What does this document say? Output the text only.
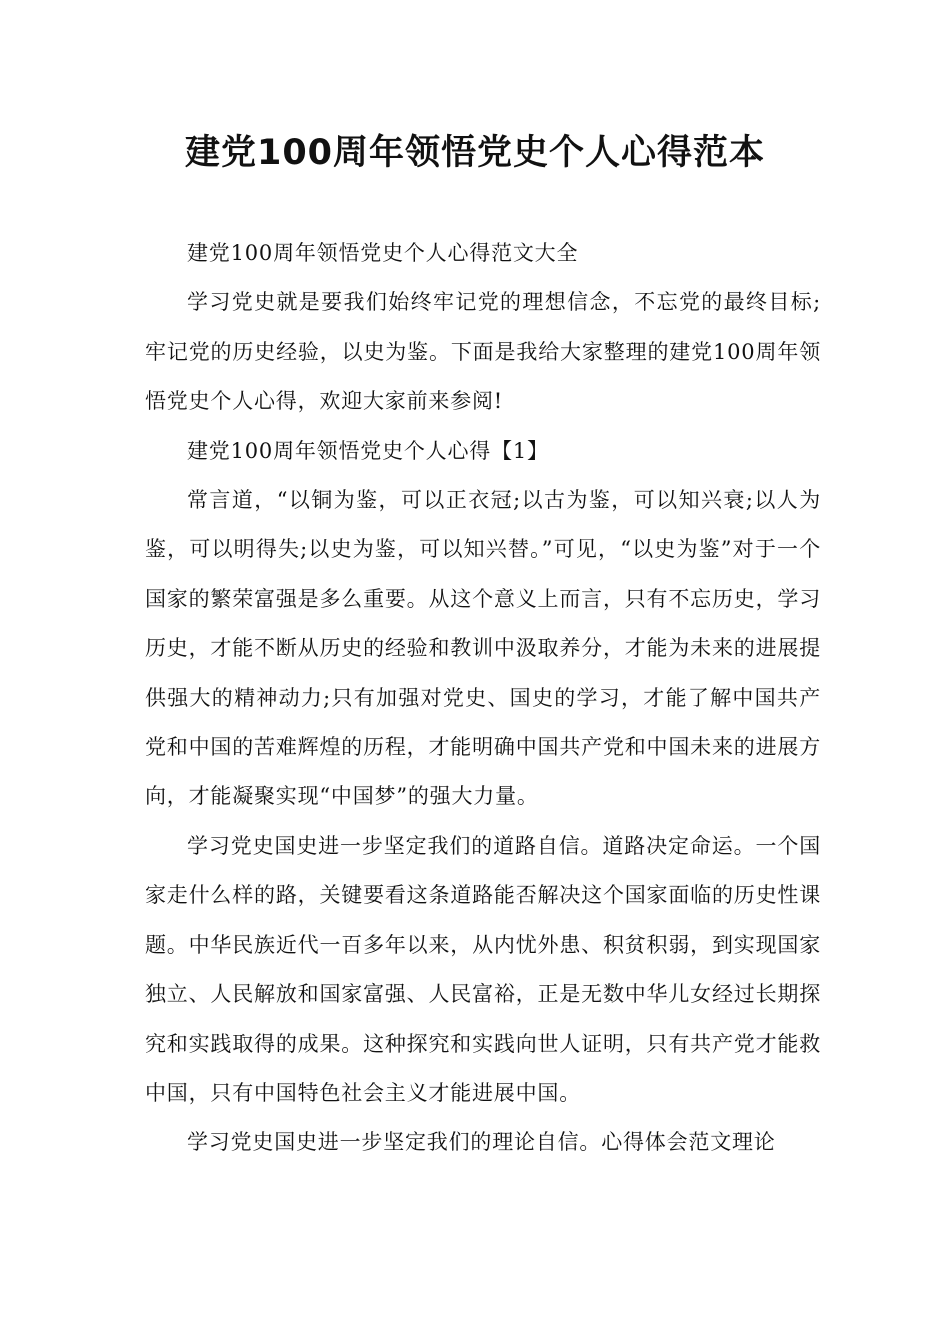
建党100周年领悟党史个人心得范本

建党100周年领悟党史个人心得范文大全

学习党史就是要我们始终牢记党的理想信念，不忘党的最终目标;牢记党的历史经验，以史为鉴。下面是我给大家整理的建党100周年领悟党史个人心得，欢迎大家前来参阅!

建党100周年领悟党史个人心得【1】

常言道，“以铜为鉴，可以正衣冠;以古为鉴，可以知兴衰;以人为鉴，可以明得失;以史为鉴，可以知兴替。”可见，“以史为鉴”对于一个国家的繁荣富强是多么重要。从这个意义上而言，只有不忘历史，学习历史，才能不断从历史的经验和教训中汲取养分，才能为未来的进展提供强大的精神动力;只有加强对党史、国史的学习，才能了解中国共产党和中国的苦难辉煌的历程，才能明确中国共产党和中国未来的进展方向，才能凝聚实现“中国梦”的强大力量。

学习党史国史进一步坚定我们的道路自信。道路决定命运。一个国家走什么样的路，关键要看这条道路能否解决这个国家面临的历史性课题。中华民族近代一百多年以来，从内忧外患、积贫积弱，到实现国家独立、人民解放和国家富强、人民富裕，正是无数中华儿女经过长期探究和实践取得的成果。这种探究和实践向世人证明，只有共产党才能救中国，只有中国特色社会主义才能进展中国。

学习党史国史进一步坚定我们的理论自信。心得体会范文理论
